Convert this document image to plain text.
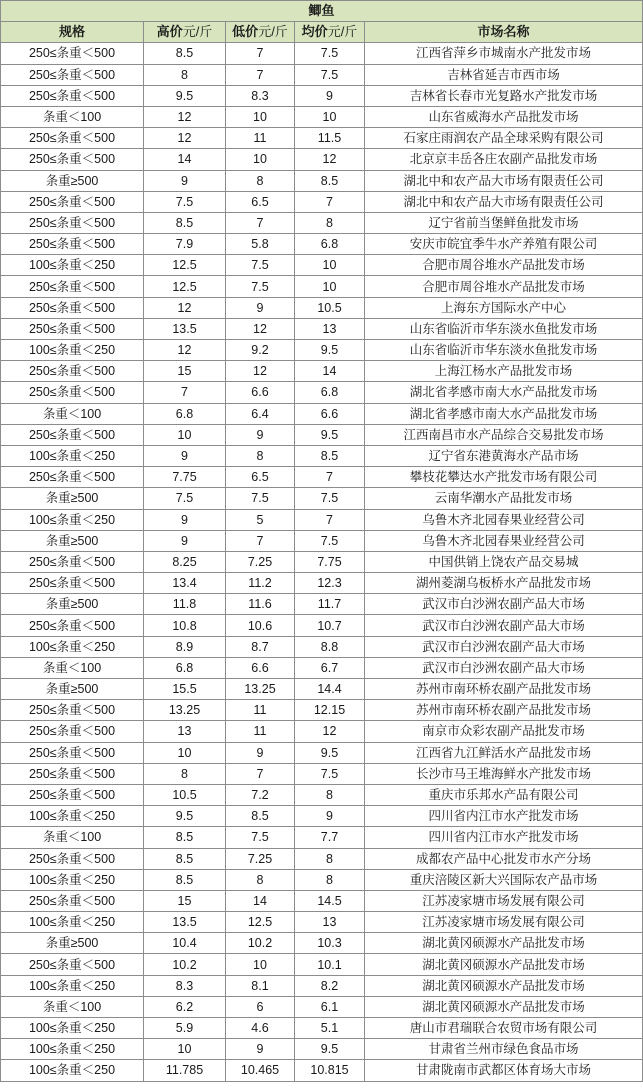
鲫鱼				
规格	高价元/斤	低价元/斤	均价元/斤	市场名称
250≤条重＜500	8.5	7	7.5	江西省萍乡市城南水产批发市场
250≤条重＜500	8	7	7.5	吉林省延吉市西市场
250≤条重＜500	9.5	8.3	9	吉林省长春市光复路水产批发市场
条重＜100	12	10	10	山东省威海水产品批发市场
250≤条重＜500	12	11	11.5	石家庄雨润农产品全球采购有限公司
250≤条重＜500	14	10	12	北京京丰岳各庄农副产品批发市场
条重≥500	9	8	8.5	湖北中和农产品大市场有限责任公司
250≤条重＜500	7.5	6.5	7	湖北中和农产品大市场有限责任公司
250≤条重＜500	8.5	7	8	辽宁省前当堡鲜鱼批发市场
250≤条重＜500	7.9	5.8	6.8	安庆市皖宜季牛水产养殖有限公司
100≤条重＜250	12.5	7.5	10	合肥市周谷堆水产品批发市场
250≤条重＜500	12.5	7.5	10	合肥市周谷堆水产品批发市场
250≤条重＜500	12	9	10.5	上海东方国际水产中心
250≤条重＜500	13.5	12	13	山东省临沂市华东淡水鱼批发市场
100≤条重＜250	12	9.2	9.5	山东省临沂市华东淡水鱼批发市场
250≤条重＜500	15	12	14	上海江杨水产品批发市场
250≤条重＜500	7	6.6	6.8	湖北省孝感市南大水产品批发市场
条重＜100	6.8	6.4	6.6	湖北省孝感市南大水产品批发市场
250≤条重＜500	10	9	9.5	江西南昌市水产品综合交易批发市场
100≤条重＜250	9	8	8.5	辽宁省东港黄海水产品市场
250≤条重＜500	7.75	6.5	7	攀枝花攀达水产批发市场有限公司
条重≥500	7.5	7.5	7.5	云南华潮水产品批发市场
100≤条重＜250	9	5	7	乌鲁木齐北园春果业经营公司
条重≥500	9	7	7.5	乌鲁木齐北园春果业经营公司
250≤条重＜500	8.25	7.25	7.75	中国供销上饶农产品交易城
250≤条重＜500	13.4	11.2	12.3	湖州菱湖乌板桥水产品批发市场
条重≥500	11.8	11.6	11.7	武汉市白沙洲农副产品大市场
250≤条重＜500	10.8	10.6	10.7	武汉市白沙洲农副产品大市场
100≤条重＜250	8.9	8.7	8.8	武汉市白沙洲农副产品大市场
条重＜100	6.8	6.6	6.7	武汉市白沙洲农副产品大市场
条重≥500	15.5	13.25	14.4	苏州市南环桥农副产品批发市场
250≤条重＜500	13.25	11	12.15	苏州市南环桥农副产品批发市场
250≤条重＜500	13	11	12	南京市众彩农副产品批发市场
250≤条重＜500	10	9	9.5	江西省九江鲜活水产品批发市场
250≤条重＜500	8	7	7.5	长沙市马王堆海鲜水产批发市场
250≤条重＜500	10.5	7.2	8	重庆市乐邦水产品有限公司
100≤条重＜250	9.5	8.5	9	四川省内江市水产批发市场
条重＜100	8.5	7.5	7.7	四川省内江市水产批发市场
250≤条重＜500	8.5	7.25	8	成都农产品中心批发市水产分场
100≤条重＜250	8.5	8	8	重庆涪陵区新大兴国际农产品市场
250≤条重＜500	15	14	14.5	江苏凌家塘市场发展有限公司
100≤条重＜250	13.5	12.5	13	江苏凌家塘市场发展有限公司
条重≥500	10.4	10.2	10.3	湖北黄冈硕源水产品批发市场
250≤条重＜500	10.2	10	10.1	湖北黄冈硕源水产品批发市场
100≤条重＜250	8.3	8.1	8.2	湖北黄冈硕源水产品批发市场
条重＜100	6.2	6	6.1	湖北黄冈硕源水产品批发市场
100≤条重＜250	5.9	4.6	5.1	唐山市君瑞联合农贸市场有限公司
100≤条重＜250	10	9	9.5	甘肃省兰州市绿色食品市场
100≤条重＜250	11.785	10.465	10.815	甘肃陇南市武都区体育场大市场
